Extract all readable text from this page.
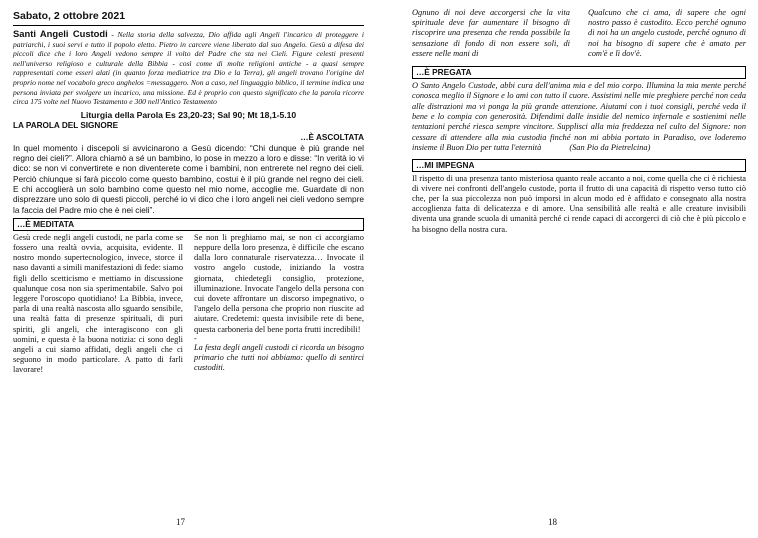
Sabato, 2 ottobre 2021
Santi Angeli Custodi - Nella storia della salvezza, Dio affida agli Angeli l'incarico di proteggere i patriarchi, i suoi servi e tutto il popolo eletto. Pietro in carcere viene liberato dal suo Angelo. Gesù a difesa dei piccoli dice che i loro Angeli vedono sempre il volto del Padre che sta nei Cieli. Figure celesti presenti nell'universo religioso e culturale della Bibbia - così come di molte religioni antiche - a quasi sempre rappresentati come esseri alati (in quanto forza mediatrice tra Dio e la Terra), gli angeli trovano l'origine del proprio nome nel vocabolo greco anghelos =messaggero. Non a caso, nel linguaggio biblico, il termine indica una persona inviata per svolgere un incarico, una missione. Ed è proprio con questo significato che la parola ricorre circa 175 volte nel Nuovo Testamento e 300 nell'Antico Testamento
Liturgia della Parola Es 23,20-23; Sal 90; Mt 18,1-5.10
LA PAROLA DEL SIGNORE
…È ASCOLTATA
In quel momento i discepoli si avvicinarono a Gesù dicendo: “Chi dunque è più grande nel regno dei cieli?”. Allora chiamò a sé un bambino, lo pose in mezzo a loro e disse: “In verità io vi dico: se non vi convertirete e non diventerete come i bambini, non entrerete nel regno dei cieli. Perciò chiunque si farà piccolo come questo bambino, costui è il più grande nel regno dei cieli. E chi accoglierà un solo bambino come questo nel mio nome, accoglie me. Guardate di non disprezzare uno solo di questi piccoli, perché io vi dico che i loro angeli nei cieli vedono sempre la faccia del Padre mio che è nei cieli”.
…È MEDITATA
Gesù crede negli angeli custodi, ne parla come se fossero una realtà ovvia, acquisita, evidente. Il nostro mondo supertecnologico, invece, storce il naso davanti a simili manifestazioni di fede: siamo figli dello scetticismo e mettiamo in discussione qualunque cosa non sia sperimentabile. Salvo poi leggere l'oroscopo quotidiano! La Bibbia, invece, parla di una realtà nascosta allo sguardo sensibile, una realtà fatta di presenze spirituali, di puri spiriti, gli angeli, che interagiscono con gli uomini, e questa è la buona notizia: ci sono degli angeli a cui siamo affidati, degli angeli che ci seguono in modo particolare. A patto di farli lavorare!
Se non li preghiamo mai, se non ci accorgiamo neppure della loro presenza, è difficile che escano dalla loro connaturale riservatezza… Invocate il vostro angelo custode, iniziando la vostra giornata, chiedetegli consiglio, protezione, illuminazione. Invocate l'angelo della persona con cui dovete affrontare un discorso impegnativo, o l'angelo della persona che proprio non riuscite ad aiutare. Credetemi: questa invisibile rete di bene, questa carboneria del bene porta frutti incredibili!
-
La festa degli angeli custodi ci ricorda un bisogno primario che tutti noi abbiamo: quello di sentirci custoditi.
17
Ognuno di noi deve accorgersi che la vita spirituale deve far aumentare il bisogno di riscoprire una presenza che renda possibile la sensazione di fondo di non essere soli, di essere nelle mani di
Qualcuno che ci ama, di sapere che ogni nostro passo è custodito. Ecco perché ognuno di noi ha un angelo custode, perché ognuno di noi ha bisogno di sapere che è amato per com'è e lì dov'è.
…È PREGATA
O Santo Angelo Custode, abbi cura dell'anima mia e del mio corpo. Illumina la mia mente perché conosca meglio il Signore e lo ami con tutto il cuore. Assistimi nelle mie preghiere perché non ceda alle distrazioni ma vi ponga la più grande attenzione. Aiutami con i tuoi consigli, perché veda il bene e lo compia con generosità. Difendimi dalle insidie del nemico infernale e sostienimi nelle tentazioni perché riesca sempre vincitore. Supplisci alla mia freddezza nel culto del Signore: non cessare di attendere alla mia custodia finché non mi abbia portato in Paradiso, ove loderemo insieme il Buon Dio per tutta l'eternità	(San Pio da Pietrelcina)
…MI IMPEGNA
Il rispetto di una presenza tanto misteriosa quanto reale accanto a noi, come quella che ci è richiesta di vivere nei confronti dell'angelo custode, porta il frutto di una capacità di rispetto verso tutto ciò che, per la sua piccolezza non può imporsi in alcun modo ed è affidato e consegnato alla nostra accoglienza fatta di delicatezza e di amore. Una sensibilità alle realtà e alle creature invisibili diventa una grande scuola di umanità perché ci rende capaci di accorgerci di ciò che è più piccolo e ha bisogno della nostra cura.
18
